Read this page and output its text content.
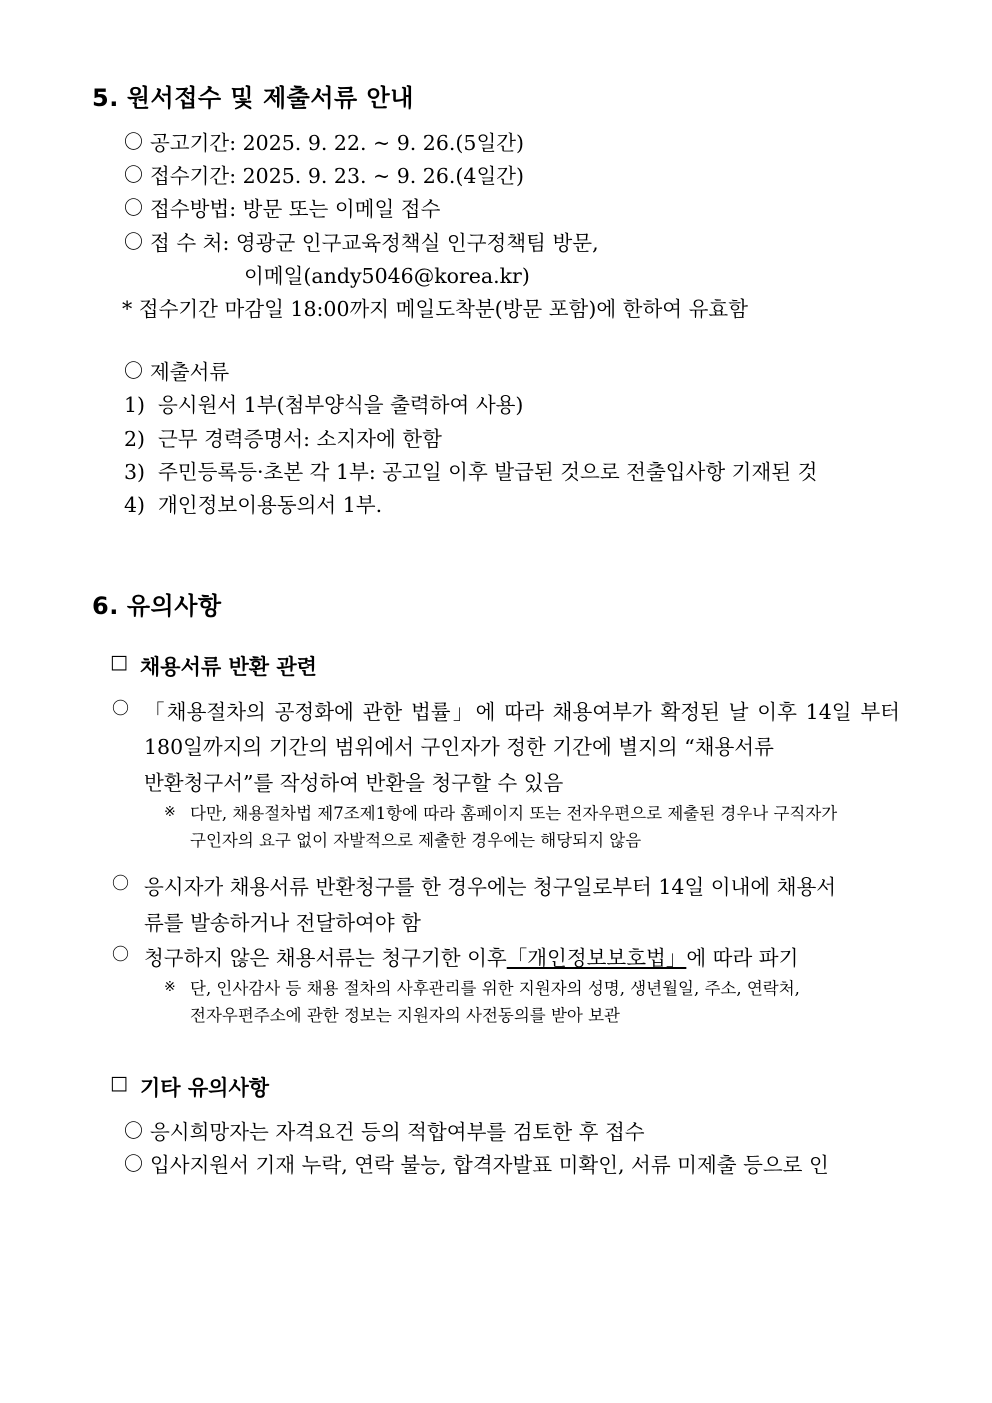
5. 원서접수 및 제출서류 안내
〇 공고기간: 2025. 9. 22. ~ 9. 26.(5일간)
〇 접수기간: 2025. 9. 23. ~ 9. 26.(4일간)
〇 접수방법: 방문 또는 이메일 접수
〇 접 수 처: 영광군 인구교육정책실 인구정책팀 방문,
이메일(andy5046@korea.kr)
* 접수기간 마감일 18:00까지 메일도착분(방문 포함)에 한하여 유효함
〇 제출서류
1) 응시원서 1부(첨부양식을 출력하여 사용)
2) 근무 경력증명서: 소지자에 한함
3) 주민등록등·초본 각 1부: 공고일 이후 발급된 것으로 전출입사항 기재된 것
4) 개인정보이용동의서 1부.
6. 유의사항
□ 채용서류 반환 관련
〇 「채용절차의 공정화에 관한 법률」에 따라 채용여부가 확정된 날 이후 14일 부터 180일까지의 기간의 범위에서 구인자가 정한 기간에 별지의 “채용서류
반환청구서”를 작성하여 반환을 청구할 수 있음
※ 다만, 채용절차법 제7조제1항에 따라 홈페이지 또는 전자우편으로 제출된 경우나 구직자가
구인자의 요구 없이 자발적으로 제출한 경우에는 해당되지 않음
〇 응시자가 채용서류 반환청구를 한 경우에는 청구일로부터 14일 이내에 채용서
류를 발송하거나 전달하여야 함
〇 청구하지 않은 채용서류는 청구기한 이후「개인정보보호법」에 따라 파기
※ 단, 인사감사 등 채용 절차의 사후관리를 위한 지원자의 성명, 생년월일, 주소, 연락처,
전자우편주소에 관한 정보는 지원자의 사전동의를 받아 보관
□ 기타 유의사항
〇 응시희망자는 자격요건 등의 적합여부를 검토한 후 접수
〇 입사지원서 기재 누락, 연락 불능, 합격자발표 미확인, 서류 미제출 등으로 인
